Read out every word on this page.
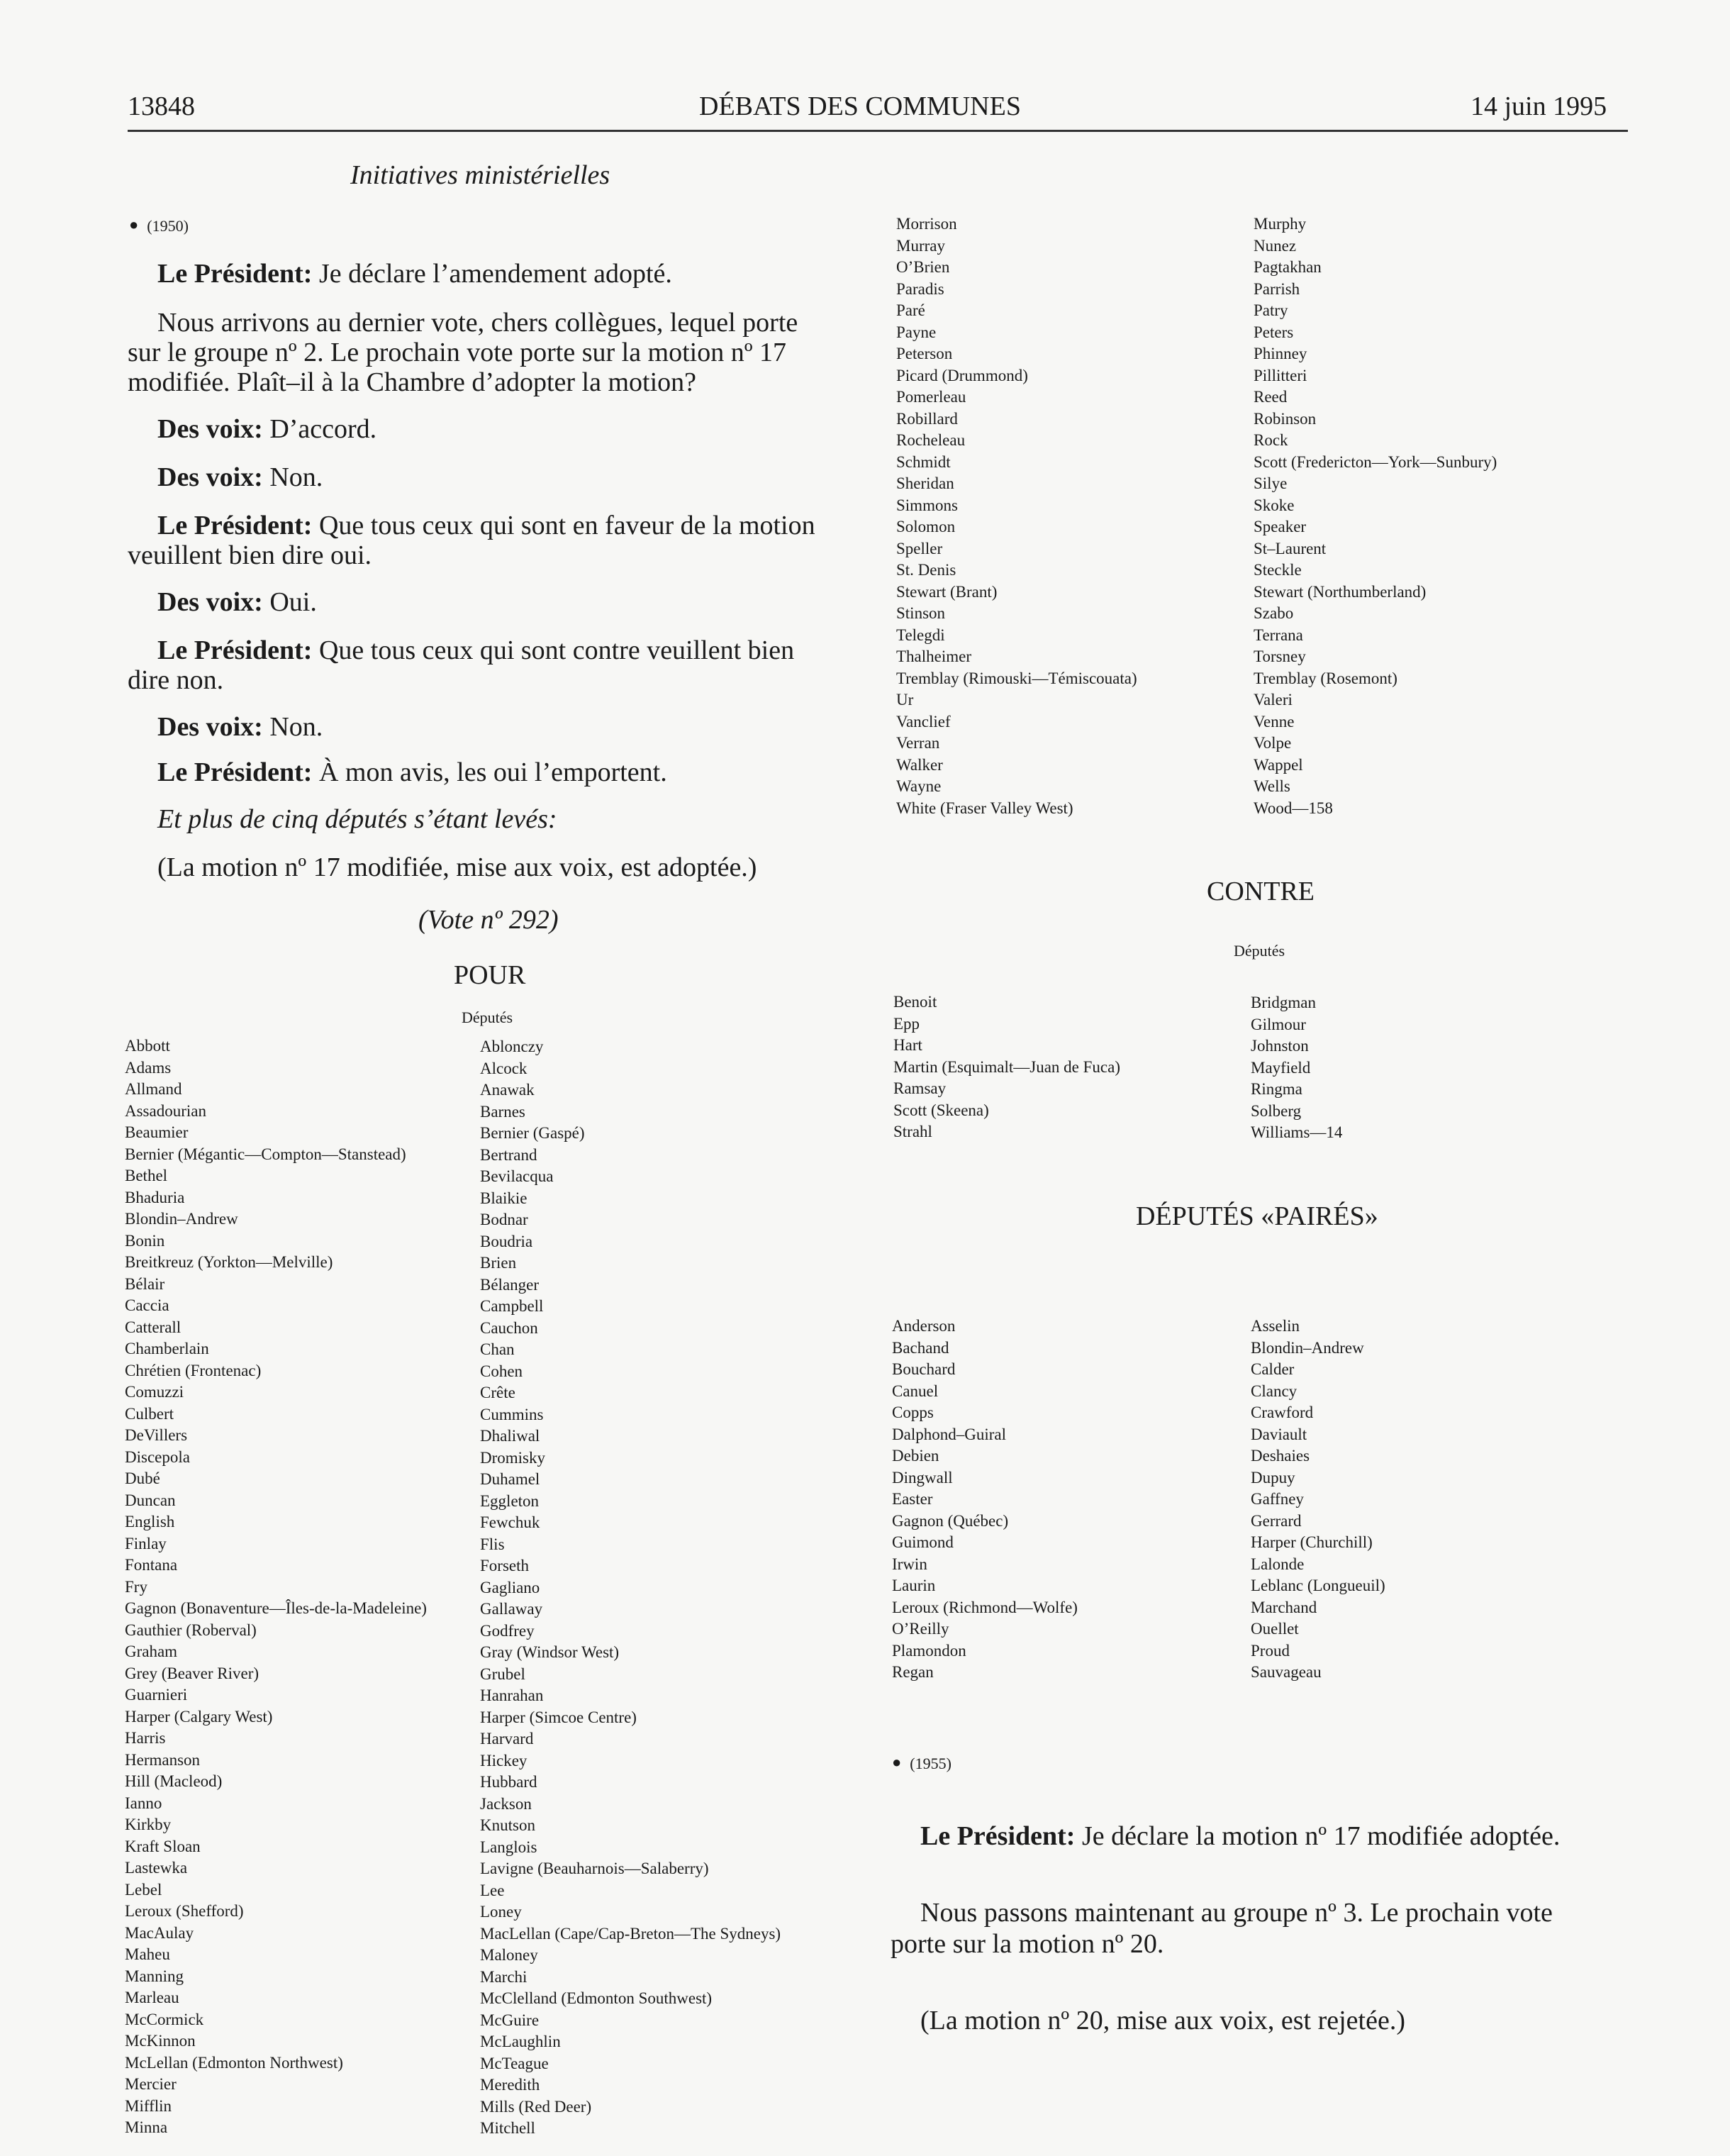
13848	DÉBATS DES COMMUNES	14 juin 1995
Initiatives ministérielles
● (1950)
Le Président: Je déclare l’amendement adopté.
Nous arrivons au dernier vote, chers collègues, lequel porte
sur le groupe nº 2. Le prochain vote porte sur la motion nº 17
modifiée. Plaît–il à la Chambre d’adopter la motion?
Des voix: D’accord.
Des voix: Non.
Le Président: Que tous ceux qui sont en faveur de la motion
veuillent bien dire oui.
Des voix: Oui.
Le Président: Que tous ceux qui sont contre veuillent bien
dire non.
Des voix: Non.
Le Président: À mon avis, les oui l’emportent.
Et plus de cinq députés s’étant levés:
(La motion nº 17 modifiée, mise aux voix, est adoptée.)
(Vote nº 292)
POUR
Députés
Abbott
Adams
Allmand
Assadourian
Beaumier
Bernier (Mégantic—Compton—Stanstead)
Bethel
Bhaduria
Blondin–Andrew
Bonin
Breitkreuz (Yorkton—Melville)
Bélair
Caccia
Catterall
Chamberlain
Chrétien (Frontenac)
Comuzzi
Culbert
DeVillers
Discepola
Dubé
Duncan
English
Finlay
Fontana
Fry
Gagnon (Bonaventure—Îles-de-la-Madeleine)
Gauthier (Roberval)
Graham
Grey (Beaver River)
Guarnieri
Harper (Calgary West)
Harris
Hermanson
Hill (Macleod)
Ianno
Kirkby
Kraft Sloan
Lastewka
Lebel
Leroux (Shefford)
MacAulay
Maheu
Manning
Marleau
McCormick
McKinnon
McLellan (Edmonton Northwest)
Mercier
Mifflin
Minna
Ablonczy
Alcock
Anawak
Barnes
Bernier (Gaspé)
Bertrand
Bevilacqua
Blaikie
Bodnar
Boudria
Brien
Bélanger
Campbell
Cauchon
Chan
Cohen
Crête
Cummins
Dhaliwal
Dromisky
Duhamel
Eggleton
Fewchuk
Flis
Forseth
Gagliano
Gallaway
Godfrey
Gray (Windsor West)
Grubel
Hanrahan
Harper (Simcoe Centre)
Harvard
Hickey
Hubbard
Jackson
Knutson
Langlois
Lavigne (Beauharnois—Salaberry)
Lee
Loney
MacLellan (Cape/Cap-Breton—The Sydneys)
Maloney
Marchi
McClelland (Edmonton Southwest)
McGuire
McLaughlin
McTeague
Meredith
Mills (Red Deer)
Mitchell
Morrison
Murray
O’Brien
Paradis
Paré
Payne
Peterson
Picard (Drummond)
Pomerleau
Robillard
Rocheleau
Schmidt
Sheridan
Simmons
Solomon
Speller
St. Denis
Stewart (Brant)
Stinson
Telegdi
Thalheimer
Tremblay (Rimouski—Témiscouata)
Ur
Vanclief
Verran
Walker
Wayne
White (Fraser Valley West)
Murphy
Nunez
Pagtakhan
Parrish
Patry
Peters
Phinney
Pillitteri
Reed
Robinson
Rock
Scott (Fredericton—York—Sunbury)
Silye
Skoke
Speaker
St–Laurent
Steckle
Stewart (Northumberland)
Szabo
Terrana
Torsney
Tremblay (Rosemont)
Valeri
Venne
Volpe
Wappel
Wells
Wood—158
CONTRE
Députés
Benoit
Epp
Hart
Martin (Esquimalt—Juan de Fuca)
Ramsay
Scott (Skeena)
Strahl
Bridgman
Gilmour
Johnston
Mayfield
Ringma
Solberg
Williams—14
DÉPUTÉS «PAIRÉS»
Anderson
Bachand
Bouchard
Canuel
Copps
Dalphond–Guiral
Debien
Dingwall
Easter
Gagnon (Québec)
Guimond
Irwin
Laurin
Leroux (Richmond—Wolfe)
O’Reilly
Plamondon
Regan
Asselin
Blondin–Andrew
Calder
Clancy
Crawford
Daviault
Deshaies
Dupuy
Gaffney
Gerrard
Harper (Churchill)
Lalonde
Leblanc (Longueuil)
Marchand
Ouellet
Proud
Sauvageau
● (1955)
Le Président: Je déclare la motion nº 17 modifiée adoptée.
Nous passons maintenant au groupe nº 3. Le prochain vote
porte sur la motion nº 20.
(La motion nº 20, mise aux voix, est rejetée.)
